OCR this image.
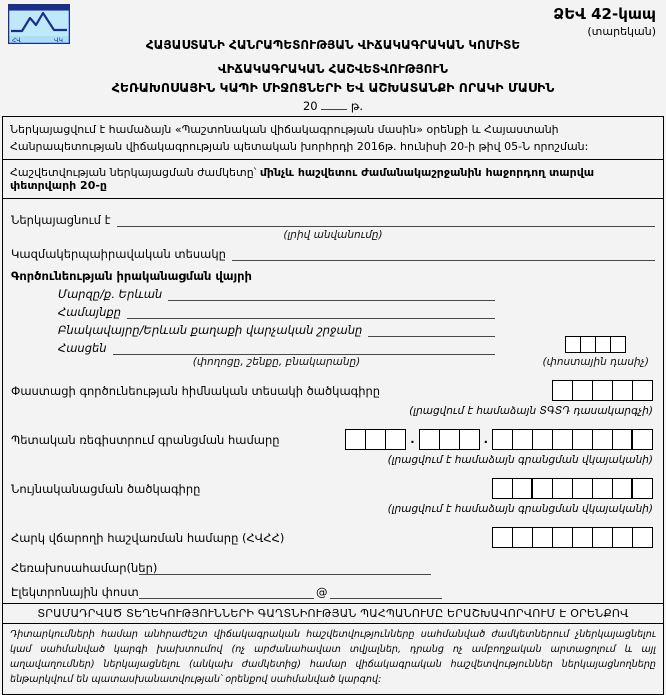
ՀՎ	ՎԿ
ՁԵՎ 42-կապ
(տարեկան)
ՀԱՅԱՍՏԱՆԻ ՀԱՆՐԱՊԵՏՈՒԹՅԱՆ ՎԻՃԱԿԱԳՐԱԿԱՆ ԿՈՄԻՏԵ
ՎԻՃԱԿԱԳՐԱԿԱՆ ՀԱՇՎԵՏՎՈՒԹՅՈՒՆ
ՀԵՌԱԽՈՍԱՅԻՆ ԿԱՊԻ ՄԻՋՈՑՆԵՐԻ ԵՎ ԱՇԽԱՏԱՆՔԻ ՈՐԱԿԻ ՄԱՍԻՆ
20	թ.
Ներկայացվում է համաձայն «Պաշտոնական վիճակագրության մասին» օրենքի և Հայաստանի Հանրապետության վիճակագրության պետական խորհրդի 2016թ. հունիսի 20-ի թիվ 05-Ն որոշման:
Հաշվետվության ներկայացման ժամկետը՝ մինչև հաշվետու ժամանակաշրջանին հաջորդող տարվա փետրվարի 20-ը
Ներկայացնում է
(լրիվ անվանումը)
Կազմակերպաիրավական տեսակը
Գործունեության իրականացման վայրի
Մարզը/ք. Երևան
Համայնքը
Բնակավայրը/Երևան քաղաքի վարչական շրջանը
Հասցեն
(փողոցը, շենքը, բնակարանը)	(փոստային դասիչ)
Փաստացի գործունեության հիմնական տեսակի ծածկագիրը
(լրացվում է համաձայն ՏԳՏԴ դասակարգչի)
Պետական ռեգիստրում գրանցման համարը	.	.
(լրացվում է համաձայն գրանցման վկայականի)
Նույնականացման ծածկագիրը
(լրացվում է համաձայն գրանցման վկայականի)
Հարկ վճարողի հաշվառման համարը (ՀՎՀՀ)
Հեռախոսահամար(ներ)
Էլեկտրոնային փոստ	@
ՏՐԱՄԱԴՐՎԱԾ ՏԵՂԵԿՈՒԹՅՈՒՆՆԵՐԻ ԳԱՂՏՆԻՈՒԹՅԱՆ ՊԱՀՊԱՆՈՒՄԸ ԵՐԱՇԽԱՎՈՐՎՈՒՄ Է ՕՐԵՆՔՈՎ
Դիտարկումների համար անհրաժեշտ վիճակագրական հաշվետվությունները սահմանված ժամկետներում չներկայացնելու կամ սահմանված կարգի խախտումով (ոչ արժանահավատ տվյալներ, դրանց ոչ ամբողջական արտացոլում և այլ աղավաղումներ) ներկայացնելու (անկախ ժամկետից) համար վիճակագրական հաշվետվություններ ներկայացնողները ենթարկվում են պատասխանատվության՝ օրենքով սահմանված կարգով:
